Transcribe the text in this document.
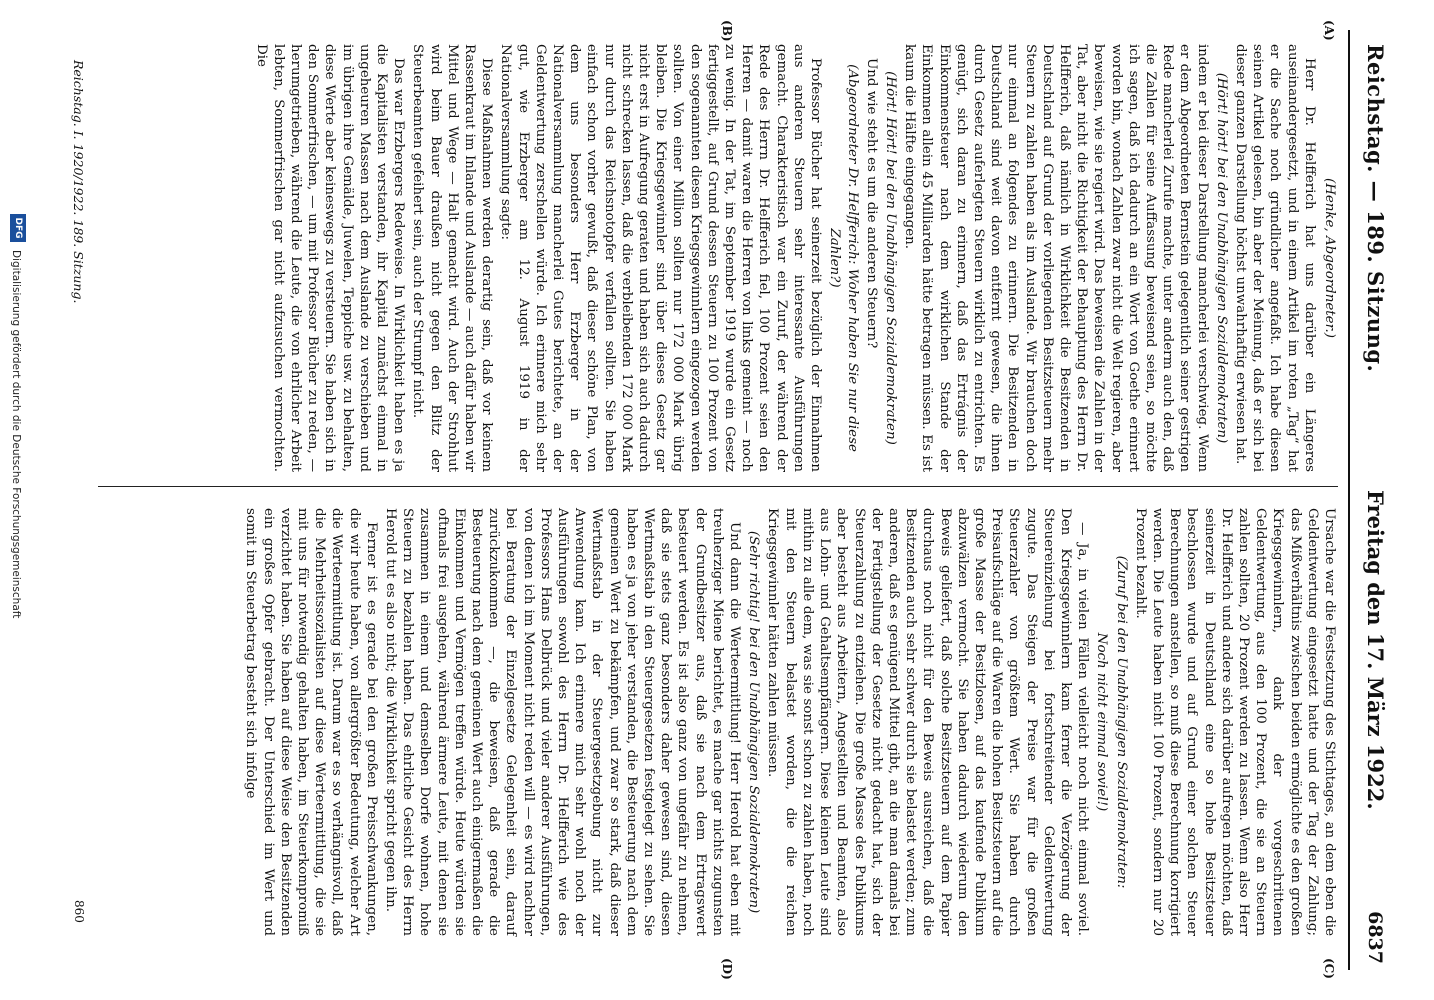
Reichstag. — 189. Sitzung.
Freitag den 17. März 1922.
6837
(A)
(B)
(C)
(D)

(Henke, Abgeordneter.)

Herr Dr. Helfferich hat uns darüber ein Längeres auseinandergesetzt, und in einem Artikel im roten „Tag“ hat er die Sache noch gründlicher angefaßt. Ich habe diesen seinen Artikel gelesen, bin aber der Meinung, daß er sich bei dieser ganzen Darstellung höchst unwahrhaftig erwiesen hat.

(Hört! hört! bei den Unabhängigen Sozialdemokraten)

indem er bei dieser Darstellung mancherlei verschwieg. Wenn er dem Abgeordneten Bernstein gelegentlich seiner gestrigen Rede mancherlei Zurufe machte, unter anderm auch den, daß die Zahlen für seine Auffassung beweisend seien, so möchte ich sagen, daß ich dadurch an ein Wort von Goethe erinnert worden bin, wonach Zahlen zwar nicht die Welt regieren, aber beweisen, wie sie regiert wird. Das beweisen die Zahlen in der Tat, aber nicht die Richtigkeit der Behauptung des Herrn Dr. Helfferich, daß nämlich in Wirklichkeit die Besitzenden in Deutschland auf Grund der vorliegenden Besitzsteuern mehr Steuern zu zahlen haben als im Auslande. Wir brauchen doch nur einmal an folgendes zu erinnern. Die Besitzenden in Deutschland sind weit davon entfernt gewesen, die ihnen durch Gesetz auferlegten Steuern wirklich zu entrichten. Es genügt, sich daran zu erinnern, daß das Ertrágnis der Einkommensteuer nach dem wirklichen Stande der Einkommen allein 45 Milliarden hätte betragen müssen. Es ist kaum die Hälfte eingegangen.

(Hört! Hört! bei den Unabhängigen Sozialdemokraten)

Und wie steht es um die anderen Steuern?

(Abgeordneter Dr. Helfferich: Woher haben Sie nur diese Zahlen?)

Professor Bücher hat seinerzeit bezüglich der Einnahmen aus anderen Steuern sehr interessante Ausführungen gemacht. Charakteristisch war ein Zuruf, der während der Rede des Herrn Dr. Helfferich fiel, 100 Prozent seien den Herren — damit waren die Herren von links gemeint — noch zu wenig. In der Tat, im September 1919 wurde ein Gesetz fertiggestellt, auf Grund dessen Steuern zu 100 Prozent von den sogenannten diesen Kriegsgewinnlern eingezogen werden sollten. Von einer Million sollten nur 172 000 Mark übrig bleiben. Die Kriegsgewinnler sind über dieses Gesetz gar nicht erst in Aufregung geraten und haben sich auch dadurch nicht schrecken lassen, daß die verbleibenden 172 000 Mark nur durch das Reichsnotopfer verfallen sollten. Sie haben einfach schon vorher gewußt, daß dieser schöne Plan, von dem uns besonders Herr Erzberger in der Nationalversammlung mancherlei Gutes berichtete, an der Geldentwertung zerschellen würde. Ich erinnere mich sehr gut, wie Erzberger am 12. August 1919 in der Nationalversammlung sagte:

Diese Maßnahmen werden derartig sein, daß vor keinem Rassenkraut im Inlande und Auslande — auch dafür haben wir Mittel und Wege — Halt gemacht wird. Auch der Strohhut wird beim Bauer draußen nicht gegen den Blitz der Steuerbeamten gefeihert sein, auch der Strumpf nicht.

Das war Erzbergers Redeweise. In Wirklichkeit haben es ja die Kapitalisten verstanden, ihr Kapital zunächst einmal in ungeheuren Massen nach dem Auslande zu verschieben und im übrigen ihre Gemälde, Juwelen, Teppiche usw. zu behalten, diese Werte aber keineswegs zu versteuern. Sie haben sich in den Sommerfrischen, — um mit Professor Bücher zu reden, — herumgetrieben, während die Leute, die von ehrlicher Arbeit lebten, Sommerfrischen gar nicht aufzusuchen vermochten. Die

Ursache war die Festsetzung des Stichtages, an dem eben die Geldentwertung eingesetzt hatte und der Tag der Zahlung; das Mißverhältnis zwischen beiden ermöglichte es den großen Kriegsgewinnlern, dank der vorgeschrittenen Geldentwertung, aus den 100 Prozent, die sie an Steuern zahlen sollten, 20 Prozent werden zu lassen. Wenn also Herr Dr. Helfferich und andere sich darüber aufregen möchten, daß seinerzeit in Deutschland eine so hohe Besitzsteuer beschlossen wurde und auf Grund einer solchen Steuer Berechnungen anstellen, so muß diese Berechnung korrigiert werden. Die Leute haben nicht 100 Prozent, sondern nur 20 Prozent bezahlt.

(Zuruf bei den Unabhängigen Sozialdemokraten:

Noch nicht einmal soviel!)

— Ja, in vielen Fällen vielleicht noch nicht einmal soviel. Den Kriegsgewinnlern kam ferner die Verzögerung der Steuereinziehung bei fortschreitender Geldentwertung zugute. Das Steigen der Preise war für die großen Steuerzahler von größtem Wert. Sie haben durch Preisaufschläge auf die Waren die hohen Besitzsteuern auf die große Masse der Besitzlosen, auf das kaufende Publikum abzuwälzen vermocht. Sie haben dadurch wiederum den Beweis geliefert, daß solche Besitzsteuern auf dem Papier durchaus noch nicht für den Beweis ausreichen, daß die Besitzenden auch sehr schwer durch sie belastet werden; zum anderen, daß es genügend Mittel gibt, an die man damals bei der Fertigstellung der Gesetze nicht gedacht hat, sich der Steuerzahlung zu entziehen. Die große Masse des Publikums aber besteht aus Arbeitern, Angestellten und Beamten, also aus Lohn- und Gehaltsempfängern. Diese kleinen Leute sind mithin zu alle dem, was sie sonst schon zu zahlen haben, noch mit den Steuern belastet worden, die die reichen Kriegsgewinnler hätten zahlen müssen.

(Sehr richtig! bei den Unabhängigen Sozialdemokraten)

Und dann die Werteermittlung! Herr Herold hat eben mit treuherziger Miene berichtet, es mache gar nichts zugunsten der Grundbesitzer aus, daß sie nach dem Ertragswert besteuert werden. Es ist also ganz von ungefähr zu nehmen, daß sie stets ganz besonders daher gewesen sind, diesen Wertmaßstab in den Steuergesetzen festgelegt zu sehen. Sie haben es ja von jeher verstanden, die Besteuerung nach dem gemeinen Wert zu bekämpfen, und zwar so stark, daß dieser Wertmaßstab in der Steuergesetzgebung nicht zur Anwendung kam. Ich erinnere mich sehr wohl noch der Ausführungen sowohl des Herrn Dr. Helfferich wie des Professors Hans Delbrück und vieler anderer Ausführungen, von denen ich im Moment nicht reden will — es wird nachher bei Beratung der Einzelgesetze Gelegenheit sein, darauf zurückzukommen —, die beweisen, daß gerade die Besteuerung nach dem gemeinen Wert auch einigermaßen die Einkommen und Vermögen treffen würde. Heute würden sie oftmals frei ausgehen, während ärmere Leute, mit denen sie zusammen in einem und demselben Dorfe wohnen, hohe Steuern zu bezahlen haben. Das ehrliche Gesicht des Herrn Herold tut es also nicht; die Wirklichkeit spricht gegen ihn.

Ferner ist es gerade bei den großen Preisschwankungen, die wir heute haben, von allergrößter Bedeutung, welcher Art die Werteermittlung ist. Darum war es so verhängnisvoll, daß die Mehrheitssozialisten auf diese Werteermittlung, die sie mit uns für notwendig gehalten haben, im Steuerkompromiß verzichtet haben. Sie haben auf diese Weise den Besitzenden ein großes Opfer gebracht. Der Unterschied im Wert und somit im Steuerbetrag besteht sich infolge

Reichstag. I. 1920/1922. 189. Sitzung.
860
DFG
Digitalisierung gefördert durch die Deutsche Forschungsgemeinschaft
